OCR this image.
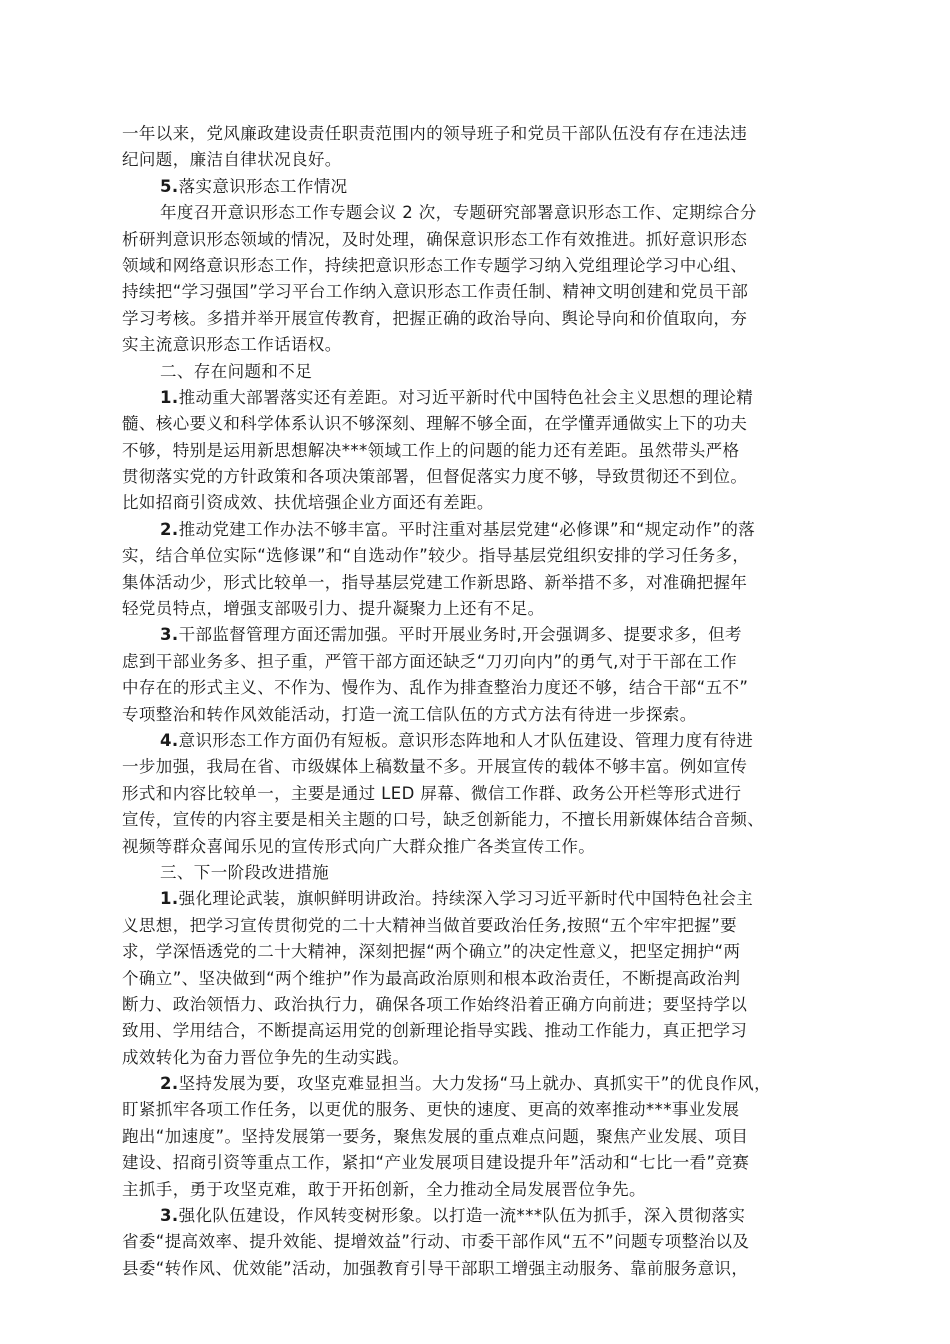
一年以来，党风廉政建设责任职责范围内的领导班子和党员干部队伍没有存在违法违
纪问题，廉洁自律状况良好。
5.落实意识形态工作情况
年度召开意识形态工作专题会议 2 次，专题研究部署意识形态工作、定期综合分
析研判意识形态领域的情况，及时处理，确保意识形态工作有效推进。抓好意识形态
领域和网络意识形态工作，持续把意识形态工作专题学习纳入党组理论学习中心组、
持续把“学习强国”学习平台工作纳入意识形态工作责任制、精神文明创建和党员干部
学习考核。多措并举开展宣传教育，把握正确的政治导向、舆论导向和价值取向，夯
实主流意识形态工作话语权。
二、存在问题和不足
1.推动重大部署落实还有差距。对习近平新时代中国特色社会主义思想的理论精
髓、核心要义和科学体系认识不够深刻、理解不够全面，在学懂弄通做实上下的功夫
不够，特别是运用新思想解决***领域工作上的问题的能力还有差距。虽然带头严格
贯彻落实党的方针政策和各项决策部署，但督促落实力度不够，导致贯彻还不到位。
比如招商引资成效、扶优培强企业方面还有差距。
2.推动党建工作办法不够丰富。平时注重对基层党建“必修课”和“规定动作”的落
实，结合单位实际“选修课”和“自选动作”较少。指导基层党组织安排的学习任务多，
集体活动少，形式比较单一，指导基层党建工作新思路、新举措不多，对准确把握年
轻党员特点，增强支部吸引力、提升凝聚力上还有不足。
3.干部监督管理方面还需加强。平时开展业务时,开会强调多、提要求多，但考
虑到干部业务多、担子重，严管干部方面还缺乏“刀刃向内”的勇气,对于干部在工作
中存在的形式主义、不作为、慢作为、乱作为排查整治力度还不够，结合干部“五不”
专项整治和转作风效能活动，打造一流工信队伍的方式方法有待进一步探索。
4.意识形态工作方面仍有短板。意识形态阵地和人才队伍建设、管理力度有待进
一步加强，我局在省、市级媒体上稿数量不多。开展宣传的载体不够丰富。例如宣传
形式和内容比较单一，主要是通过 LED 屏幕、微信工作群、政务公开栏等形式进行
宣传，宣传的内容主要是相关主题的口号，缺乏创新能力，不擅长用新媒体结合音频、
视频等群众喜闻乐见的宣传形式向广大群众推广各类宣传工作。
三、下一阶段改进措施
1.强化理论武装，旗帜鲜明讲政治。持续深入学习习近平新时代中国特色社会主
义思想，把学习宣传贯彻党的二十大精神当做首要政治任务,按照“五个牢牢把握”要
求，学深悟透党的二十大精神，深刻把握“两个确立”的决定性意义，把坚定拥护“两
个确立”、坚决做到“两个维护”作为最高政治原则和根本政治责任，不断提高政治判
断力、政治领悟力、政治执行力，确保各项工作始终沿着正确方向前进；要坚持学以
致用、学用结合，不断提高运用党的创新理论指导实践、推动工作能力，真正把学习
成效转化为奋力晋位争先的生动实践。
2.坚持发展为要，攻坚克难显担当。大力发扬“马上就办、真抓实干”的优良作风，
盯紧抓牢各项工作任务，以更优的服务、更快的速度、更高的效率推动***事业发展
跑出“加速度”。坚持发展第一要务，聚焦发展的重点难点问题，聚焦产业发展、项目
建设、招商引资等重点工作，紧扣“产业发展项目建设提升年”活动和“七比一看”竞赛
主抓手，勇于攻坚克难，敢于开拓创新，全力推动全局发展晋位争先。
3.强化队伍建设，作风转变树形象。以打造一流***队伍为抓手，深入贯彻落实
省委“提高效率、提升效能、提增效益”行动、市委干部作风“五不”问题专项整治以及
县委“转作风、优效能”活动，加强教育引导干部职工增强主动服务、靠前服务意识，
